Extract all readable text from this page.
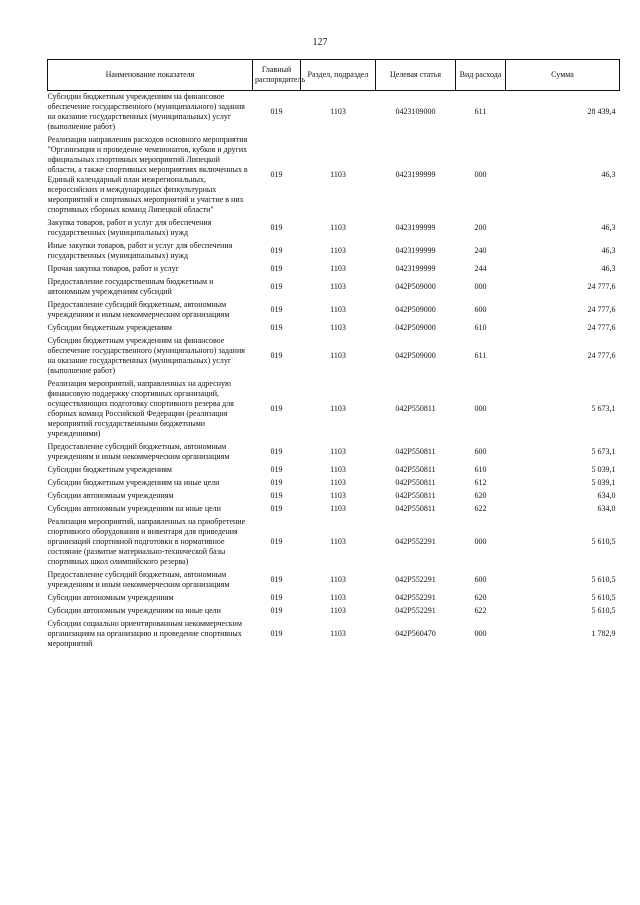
127
Наименование показателя	Главный распорядитель	Раздел, подраздел	Целевая статья	Вид расхода	Сумма
Субсидии бюджетным учреждениям на финансовое обеспечение государственного (муниципального) задания на оказание государственных (муниципальных) услуг (выполнение работ)	019	1103	0423109000	611	28 439,4
Реализация направления расходов основного мероприятия "Организация и проведение чемпионатов, кубков и других официальных спортивных мероприятий Липецкой области, а также спортивных мероприятиях включенных в Единый календарный план межрегиональных, всероссийских и международных физкультурных мероприятий и спортивных мероприятий и участие в них спортивных сборных команд Липецкой области"	019	1103	0423199999	000	46,3
Закупка товаров, работ и услуг для обеспечения государственных (муниципальных) нужд	019	1103	0423199999	200	46,3
Иные закупки товаров, работ и услуг для обеспечения государственных (муниципальных) нужд	019	1103	0423199999	240	46,3
Прочая закупка товаров, работ и услуг	019	1103	0423199999	244	46,3
Предоставление государственным бюджетным и автономным учреждениям субсидий	019	1103	042P509000	000	24 777,6
Предоставление субсидий бюджетным, автономным учреждениям и иным некоммерческим организациям	019	1103	042P509000	600	24 777,6
Субсидии бюджетным учреждениям	019	1103	042P509000	610	24 777,6
Субсидии бюджетным учреждениям на финансовое обеспечение государственного (муниципального) задания на оказание государственных (муниципальных) услуг (выполнение работ)	019	1103	042P509000	611	24 777,6
Реализация мероприятий, направленных на адресную финансовую поддержку спортивных организаций, осуществляющих подготовку спортивного резерва для сборных команд Российской Федерации (реализация мероприятий государственными бюджетными учреждениями)	019	1103	042P550811	000	5 673,1
Предоставление субсидий бюджетным, автономным учреждениям и иным некоммерческим организациям	019	1103	042P550811	600	5 673,1
Субсидии бюджетным учреждениям	019	1103	042P550811	610	5 039,1
Субсидии бюджетным учреждениям на иные цели	019	1103	042P550811	612	5 039,1
Субсидии автономным учреждениям	019	1103	042P550811	620	634,0
Субсидии автономным учреждениям на иные цели	019	1103	042P550811	622	634,0
Реализация мероприятий, направленных на приобретение спортивного оборудования и инвентаря для приведения организаций спортивной подготовки в нормативное состояние (развитие материально-технической базы спортивных школ олимпийского резерва)	019	1103	042P552291	000	5 610,5
Предоставление субсидий бюджетным, автономным учреждениям и иным некоммерческим организациям	019	1103	042P552291	600	5 610,5
Субсидии автономным учреждениям	019	1103	042P552291	620	5 610,5
Субсидии автономным учреждениям на иные цели	019	1103	042P552291	622	5 610,5
Субсидии социально ориентированным некоммерческим организациям на организацию и проведение спортивных мероприятий	019	1103	042P560470	000	1 782,9
